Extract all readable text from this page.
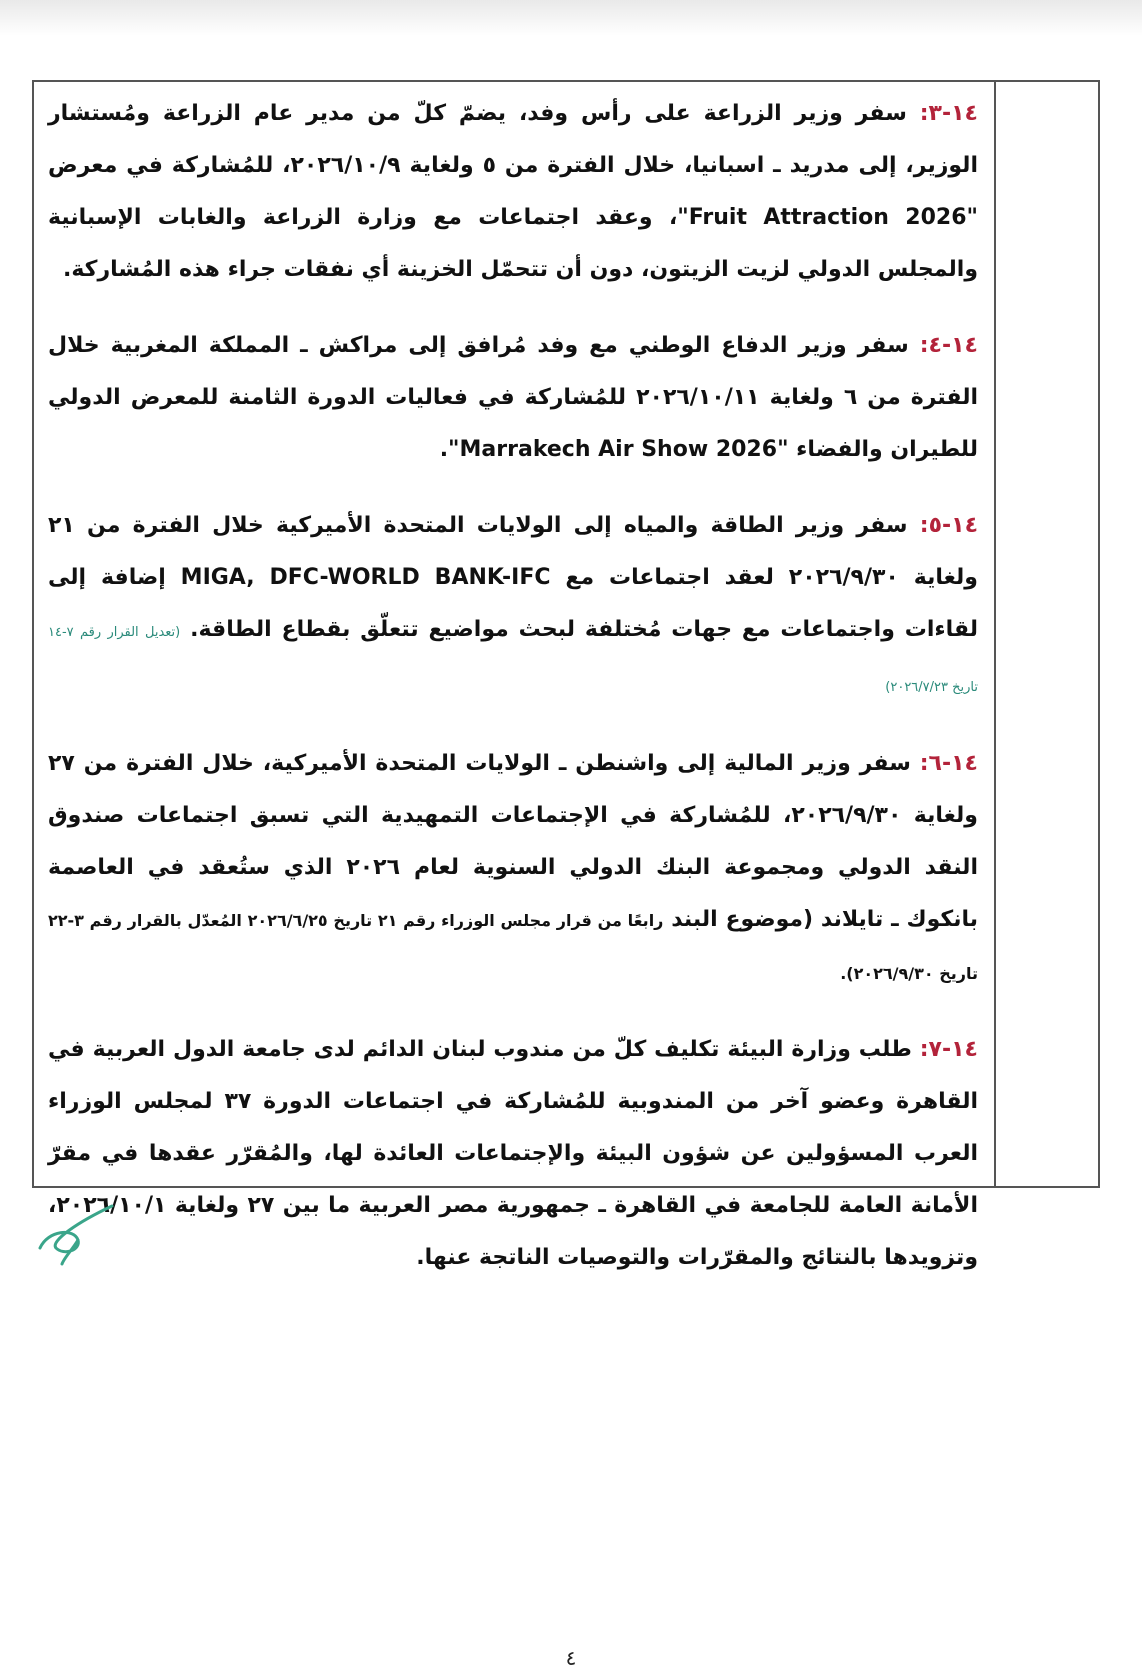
١٤-٣: سفر وزير الزراعة على رأس وفد، يضمّ كلّ من مدير عام الزراعة ومُستشار الوزير، إلى مدريد ـ اسبانيا، خلال الفترة من ٥ ولغاية ٢٠٢٦/١٠/٩، للمُشاركة في معرض "Fruit Attraction 2026"، وعقد اجتماعات مع وزارة الزراعة والغابات الإسبانية والمجلس الدولي لزيت الزيتون، دون أن تتحمّل الخزينة أي نفقات جراء هذه المُشاركة.

١٤-٤: سفر وزير الدفاع الوطني مع وفد مُرافق إلى مراكش ـ المملكة المغربية خلال الفترة من ٦ ولغاية ٢٠٢٦/١٠/١١ للمُشاركة في فعاليات الدورة الثامنة للمعرض الدولي للطيران والفضاء "Marrakech Air Show 2026".

١٤-٥: سفر وزير الطاقة والمياه إلى الولايات المتحدة الأميركية خلال الفترة من ٢١ ولغاية ٢٠٢٦/٩/٣٠ لعقد اجتماعات مع MIGA, DFC-WORLD BANK-IFC إضافة إلى لقاءات واجتماعات مع جهات مُختلفة لبحث مواضيع تتعلّق بقطاع الطاقة. (تعديل القرار رقم ٧-١٤ تاريخ ٢٠٢٦/٧/٢٣)

١٤-٦: سفر وزير المالية إلى واشنطن ـ الولايات المتحدة الأميركية، خلال الفترة من ٢٧ ولغاية ٢٠٢٦/٩/٣٠، للمُشاركة في الإجتماعات التمهيدية التي تسبق اجتماعات صندوق النقد الدولي ومجموعة البنك الدولي السنوية لعام ٢٠٢٦ الذي ستُعقد في العاصمة بانكوك ـ تايلاند (موضوع البند رابعًا من قرار مجلس الوزراء رقم ٢١ تاريخ ٢٠٢٦/٦/٢٥ المُعدّل بالقرار رقم ٣-٢٢ تاريخ ٢٠٢٦/٩/٣٠).

١٤-٧: طلب وزارة البيئة تكليف كلّ من مندوب لبنان الدائم لدى جامعة الدول العربية في القاهرة وعضو آخر من المندوبية للمُشاركة في اجتماعات الدورة ٣٧ لمجلس الوزراء العرب المسؤولين عن شؤون البيئة والإجتماعات العائدة لها، والمُقرّر عقدها في مقرّ الأمانة العامة للجامعة في القاهرة ـ جمهورية مصر العربية ما بين ٢٧ ولغاية ٢٠٢٦/١٠/١، وتزويدها بالنتائج والمقرّرات والتوصيات الناتجة عنها.

٤
